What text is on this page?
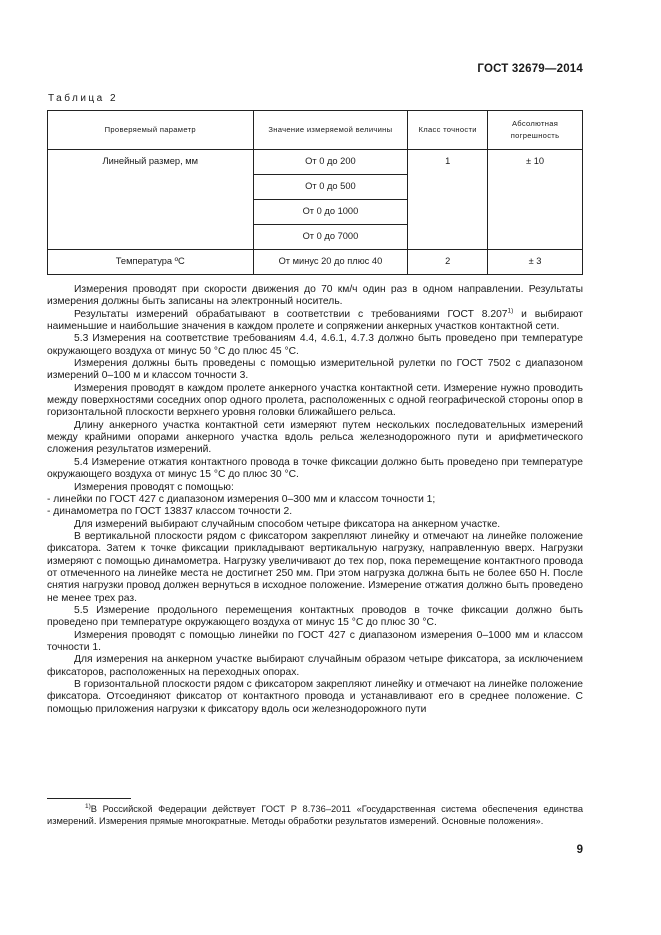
ГОСТ 32679—2014
Таблица 2
Проверяемый параметр	Значение измеряемой величины	Класс точности	Абсолютная погрешность
Линейный размер, мм	От 0 до 200	1	± 10
	От 0 до 500		
	От 0 до 1000		
	От 0 до 7000		
Температура ºС	От минус 20 до плюс 40	2	± 3

Измерения проводят при скорости движения до 70 км/ч один раз в одном направлении. Результаты измерения должны быть записаны на электронный носитель.

Результаты измерений обрабатывают в соответствии с требованиями ГОСТ 8.207$^{1)}$ и выбирают наименьшие и наибольшие значения в каждом пролете и сопряжении анкерных участков контактной сети.

5.3 Измерения на соответствие требованиям 4.4, 4.6.1, 4.7.3 должно быть проведено при температуре окружающего воздуха от минус 50 °С до плюс 45 °С.

Измерения должны быть проведены с помощью измерительной рулетки по ГОСТ 7502 с диапазоном измерений 0–100 м и классом точности 3.

Измерения проводят в каждом пролете анкерного участка контактной сети. Измерение нужно проводить между поверхностями соседних опор одного пролета, расположенных с одной географической стороны опор в горизонтальной плоскости верхнего уровня головки ближайшего рельса.

Длину анкерного участка контактной сети измеряют путем нескольких последовательных измерений между крайними опорами анкерного участка вдоль рельса железнодорожного пути и арифметического сложения результатов измерений.

5.4 Измерение отжатия контактного провода в точке фиксации должно быть проведено при температуре окружающего воздуха от минус 15 °С до плюс 30 °С.

Измерения проводят с помощью:

- линейки по ГОСТ 427 с диапазоном измерения 0–300 мм и классом точности 1;

- динамометра по ГОСТ 13837 классом точности 2.

Для измерений выбирают случайным способом четыре фиксатора на анкерном участке.

В вертикальной плоскости рядом с фиксатором закрепляют линейку и отмечают на линейке положение фиксатора. Затем к точке фиксации прикладывают вертикальную нагрузку, направленную вверх. Нагрузки измеряют с помощью динамометра. Нагрузку увеличивают до тех пор, пока перемещение контактного провода от отмеченного на линейке места не достигнет 250 мм. При этом нагрузка должна быть не более 650 Н. После снятия нагрузки провод должен вернуться в исходное положение. Измерение отжатия должно быть проведено не менее трех раз.

5.5 Измерение продольного перемещения контактных проводов в точке фиксации должно быть проведено при температуре окружающего воздуха от минус 15 °С до плюс 30 °С.

Измерения проводят с помощью линейки по ГОСТ 427 с диапазоном измерения 0–1000 мм и классом точности 1.

Для измерения на анкерном участке выбирают случайным образом четыре фиксатора, за исключением фиксаторов, расположенных на переходных опорах.

В горизонтальной плоскости рядом с фиксатором закрепляют линейку и отмечают на линейке положение фиксатора. Отсоединяют фиксатор от контактного провода и устанавливают его в среднее положение. С помощью приложения нагрузки к фиксатору вдоль оси железнодорожного пути

$^{1)}$В Российской Федерации действует ГОСТ Р 8.736–2011 «Государственная система обеспечения единства измерений. Измерения прямые многократные. Методы обработки результатов измерений. Основные положения».
9
